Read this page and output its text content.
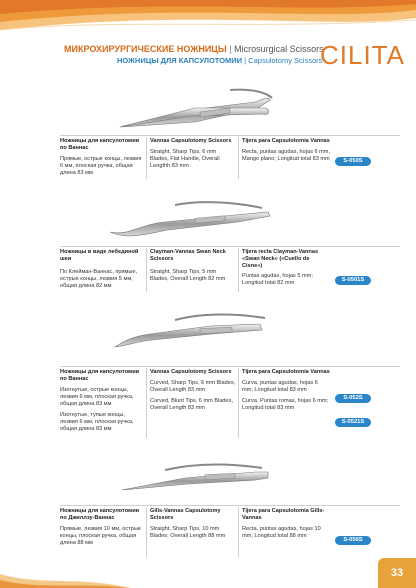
МИКРОХИРУРГИЧЕСКИЕ НОЖНИЦЫ | Microsurgical Scissors
НОЖНИЦЫ ДЛЯ КАПСУЛОТОМИИ | Capsulotomy Scissors
CILITA
Ножницы для капсулотомии по Ваннас
Прямые, острые концы, лезвия 6 мм, плоская ручка, общая длина 83 мм
Vannas Capsulotomy Scissors
Straight, Sharp Tips, 6 mm Blades, Flat Handle, Overall Lengthh 83 mm
Tijera para Capsulotomia Vannas
Recta, puntas agudas, hojas 6 mm, Mango plano; Longitud total 83 mm	S-050S
Ножницы в виде лебединой шеи
По Клейман-Ваннас, прямые, острые концы, лезвия 5 мм, общая длина 82 мм
Clayman-Vannas Swan Neck Scissors
Straight, Sharp Tips, 5 mm Blades, Overall Length 82 mm
Tijera recta Clayman-Vannas «Swan Neck» («Cuello de Cisne»)
Puntas agudas, hojas 5 mm; Longitud total 82 mm	S-0501S
Ножницы для капсулотомии по Ваннас
Изогнутые, острые концы, лезвия 6 мм, плоская ручка, общая длина 83 мм
Изогнутые, тупые концы, лезвия 6 мм, плоская ручка, общая длина 83 мм
Vannas Capsulotomy Scissors
Curved, Sharp Tips, 6 mm Blades, Overall Length 83 mm
Curved, Blunt Tips, 6 mm Blades, Overall Length 83 mm
Tijera para Capsulotomia Vannas
Curva, puntas agudas, hojas 6 mm; Longitud total 83 mm
Curva, Puntas romas, hojas 6 mm; Longitud total 83 mm
S-052S
S-0521S
Ножницы для капсулотомии по Джиллзу-Ваннас
Прямые, лезвия 10 мм, острые концы, плоская ручка, общая длина 88 мм
Gills-Vannas Capsulotomy Scissors
Straight, Sharp Tips, 10 mm Blades; Overall Length 88 mm
Tijera para Capsulotomia Gills-Vannas
Recta, puntas agudas, hojas 10 mm; Longitud total 88 mm
S-056S
33
